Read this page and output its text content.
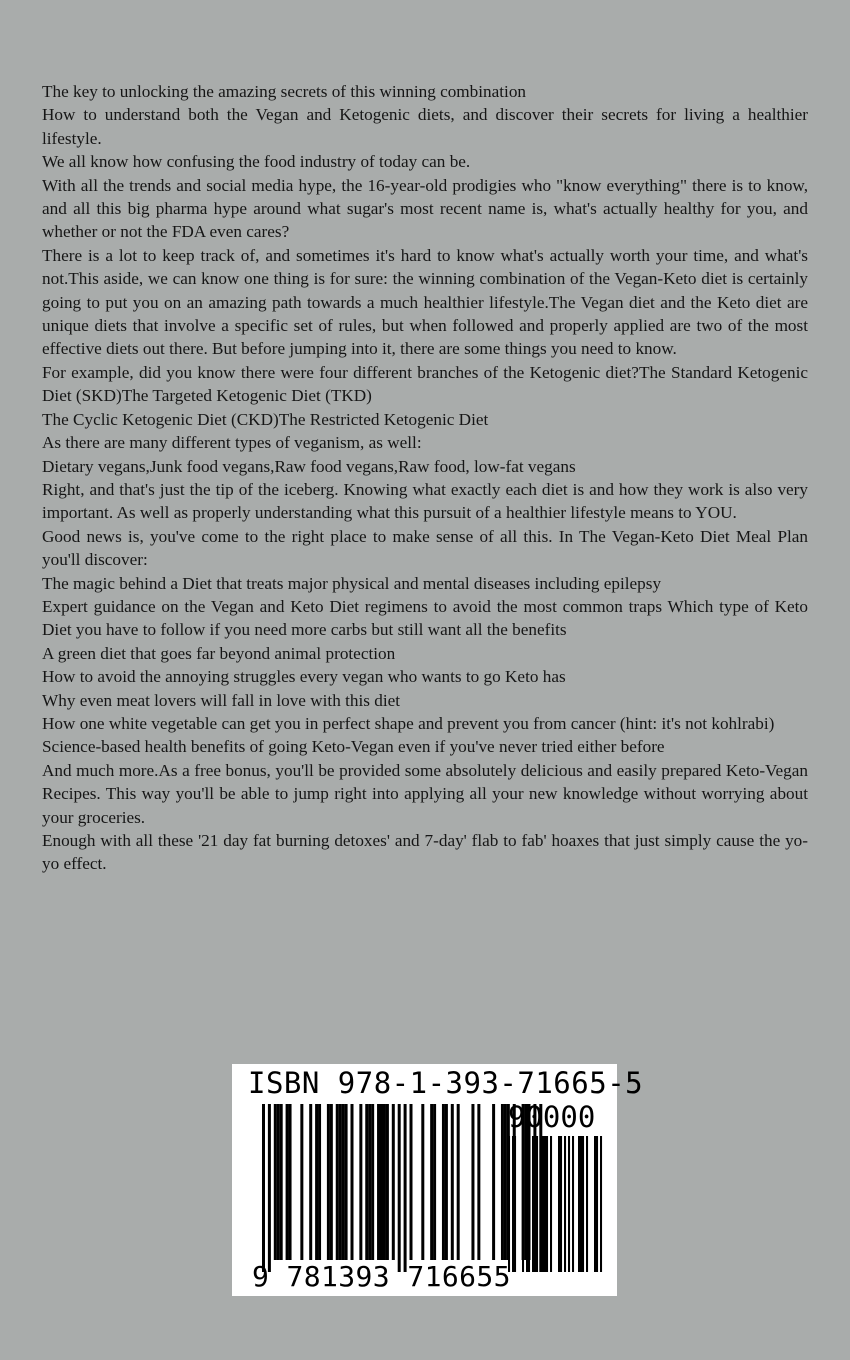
The key to unlocking the amazing secrets of this winning combination

How to understand both the Vegan and Ketogenic diets, and discover their secrets for living a healthier lifestyle.

We all know how confusing the food industry of today can be.

With all the trends and social media hype, the 16-year-old prodigies who "know everything" there is to know, and all this big pharma hype around what sugar's most recent name is, what's actually healthy for you, and whether or not the FDA even cares?

There is a lot to keep track of, and sometimes it's hard to know what's actually worth your time, and what's not.This aside, we can know one thing is for sure: the winning combination of the Vegan-Keto diet is certainly going to put you on an amazing path towards a much healthier lifestyle.The Vegan diet and the Keto diet are unique diets that involve a specific set of rules, but when followed and properly applied are two of the most effective diets out there. But before jumping into it, there are some things you need to know.

For example, did you know there were four different branches of the Ketogenic diet?The Standard Ketogenic Diet (SKD)The Targeted Ketogenic Diet (TKD)

The Cyclic Ketogenic Diet (CKD)The Restricted Ketogenic Diet

As there are many different types of veganism, as well:

Dietary vegans,Junk food vegans,Raw food vegans,Raw food, low-fat vegans

Right, and that's just the tip of the iceberg. Knowing what exactly each diet is and how they work is also very important. As well as properly understanding what this pursuit of a healthier lifestyle means to YOU.

Good news is, you've come to the right place to make sense of all this. In The Vegan-Keto Diet Meal Plan you'll discover:

The magic behind a Diet that treats major physical and mental diseases including epilepsy

Expert guidance on the Vegan and Keto Diet regimens to avoid the most common traps Which type of Keto Diet you have to follow if you need more carbs but still want all the benefits

A green diet that goes far beyond animal protection

How to avoid the annoying struggles every vegan who wants to go Keto has

Why even meat lovers will fall in love with this diet

How one white vegetable can get you in perfect shape and prevent you from cancer (hint: it's not kohlrabi)

Science-based health benefits of going Keto-Vegan even if you've never tried either before

And much more.As a free bonus, you'll be provided some absolutely delicious and easily prepared Keto-Vegan Recipes. This way you'll be able to jump right into applying all your new knowledge without worrying about your groceries.

Enough with all these '21 day fat burning detoxes' and 7-day' flab to fab' hoaxes that just simply cause the yo-yo effect.

ISBN 978-1-393-71665-5
90000
9 781393 716655
